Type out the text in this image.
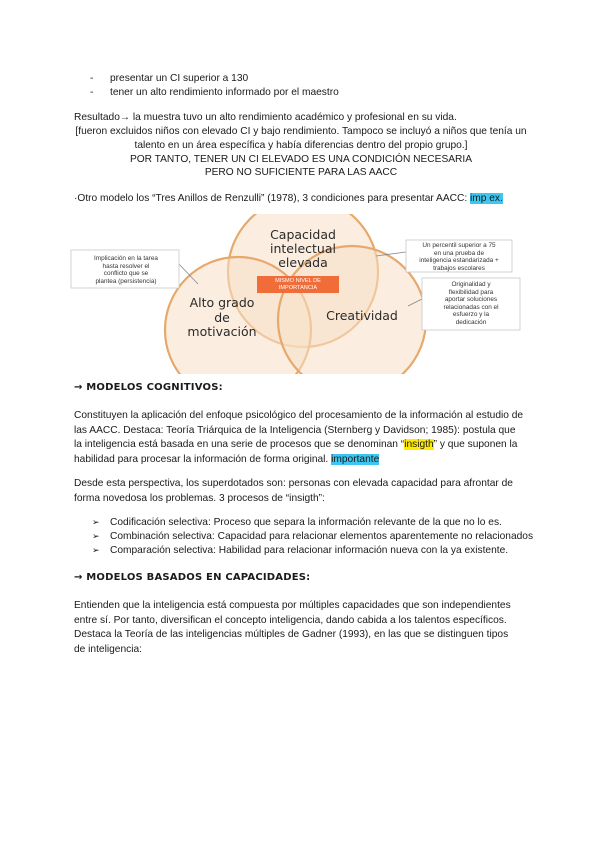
- presentar un CI superior a 130
- tener un alto rendimiento informado por el maestro
Resultado→ la muestra tuvo un alto rendimiento académico y profesional en su vida.
[fueron excluidos niños con elevado CI y bajo rendimiento. Tampoco se incluyó a niños que tenía un
talento en un área específica y había diferencias dentro del propio grupo.]
POR TANTO, TENER UN CI ELEVADO ES UNA CONDICIÓN NECESARIA
PERO NO SUFICIENTE PARA LAS AACC
·Otro modelo los “Tres Anillos de Renzulli” (1978), 3 condiciones para presentar AACC: imp ex.
Capacidad
intelectual
elevada
Alto grado
de
motivación
Creatividad
MISMO NIVEL DE
IMPORTANCIA
Implicación en la tarea
hasta resolver el
conflicto que se
plantea (persistencia)
Un percentil superior a 75
en una prueba de
inteligencia estandarizada +
trabajos escolares
Originalidad y
flexibilidad para
aportar soluciones
relacionadas con el
esfuerzo y la
dedicación
→ MODELOS COGNITIVOS:
Constituyen la aplicación del enfoque psicológico del procesamiento de la información al estudio de
las AACC. Destaca: Teoría Triárquica de la Inteligencia (Sternberg y Davidson; 1985): postula que
la inteligencia está basada en una serie de procesos que se denominan “insigth” y que suponen la
habilidad para procesar la información de forma original. importante
Desde esta perspectiva, los superdotados son: personas con elevada capacidad para afrontar de
forma novedosa los problemas. 3 procesos de “insigth”:
➢ Codificación selectiva: Proceso que separa la información relevante de la que no lo es.
➢ Combinación selectiva: Capacidad para relacionar elementos aparentemente no relacionados
➢ Comparación selectiva: Habilidad para relacionar información nueva con la ya existente.
→ MODELOS BASADOS EN CAPACIDADES:
Entienden que la inteligencia está compuesta por múltiples capacidades que son independientes
entre sí. Por tanto, diversifican el concepto inteligencia, dando cabida a los talentos específicos.
Destaca la Teoría de las inteligencias múltiples de Gadner (1993), en las que se distinguen tipos
de inteligencia:
